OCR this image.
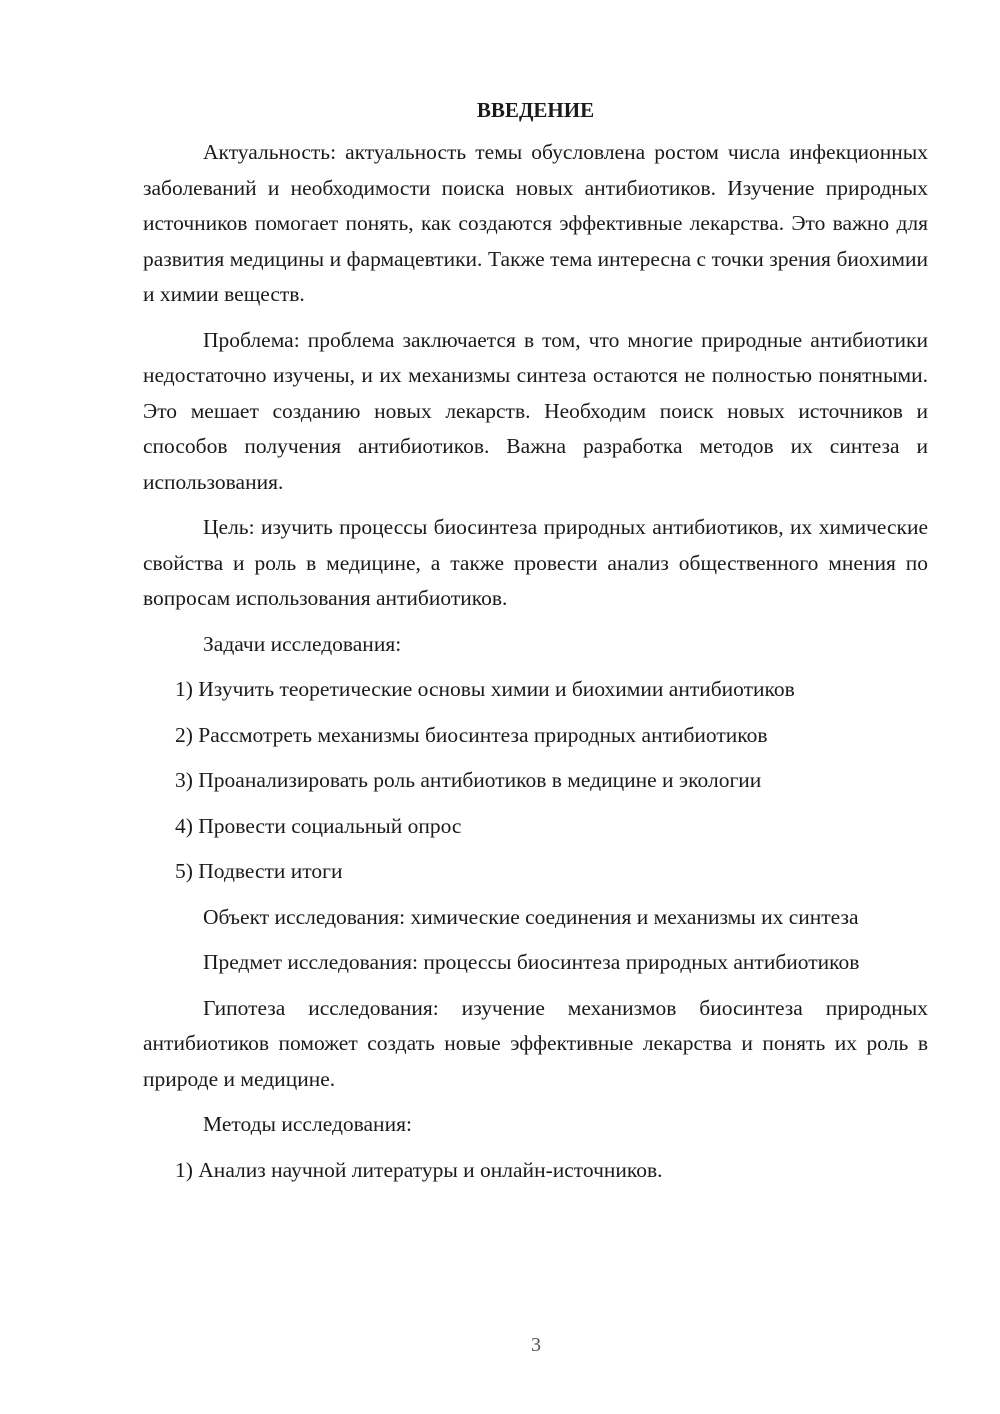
ВВЕДЕНИЕ

Актуальность: актуальность темы обусловлена ростом числа инфекционных заболеваний и необходимости поиска новых антибиотиков. Изучение природных источников помогает понять, как создаются эффективные лекарства. Это важно для развития медицины и фармацевтики. Также тема интересна с точки зрения биохимии и химии веществ.

Проблема: проблема заключается в том, что многие природные антибиотики недостаточно изучены, и их механизмы синтеза остаются не полностью понятными. Это мешает созданию новых лекарств. Необходим поиск новых источников и способов получения антибиотиков. Важна разработка методов их синтеза и использования.

Цель: изучить процессы биосинтеза природных антибиотиков, их химические свойства и роль в медицине, а также провести анализ общественного мнения по вопросам использования антибиотиков.

Задачи исследования:

1) Изучить теоретические основы химии и биохимии антибиотиков
2) Рассмотреть механизмы биосинтеза природных антибиотиков
3) Проанализировать роль антибиотиков в медицине и экологии
4) Провести социальный опрос
5) Подвести итоги

Объект исследования: химические соединения и механизмы их синтеза

Предмет исследования: процессы биосинтеза природных антибиотиков

Гипотеза исследования: изучение механизмов биосинтеза природных антибиотиков поможет создать новые эффективные лекарства и понять их роль в природе и медицине.

Методы исследования:

1) Анализ научной литературы и онлайн-источников.
3
